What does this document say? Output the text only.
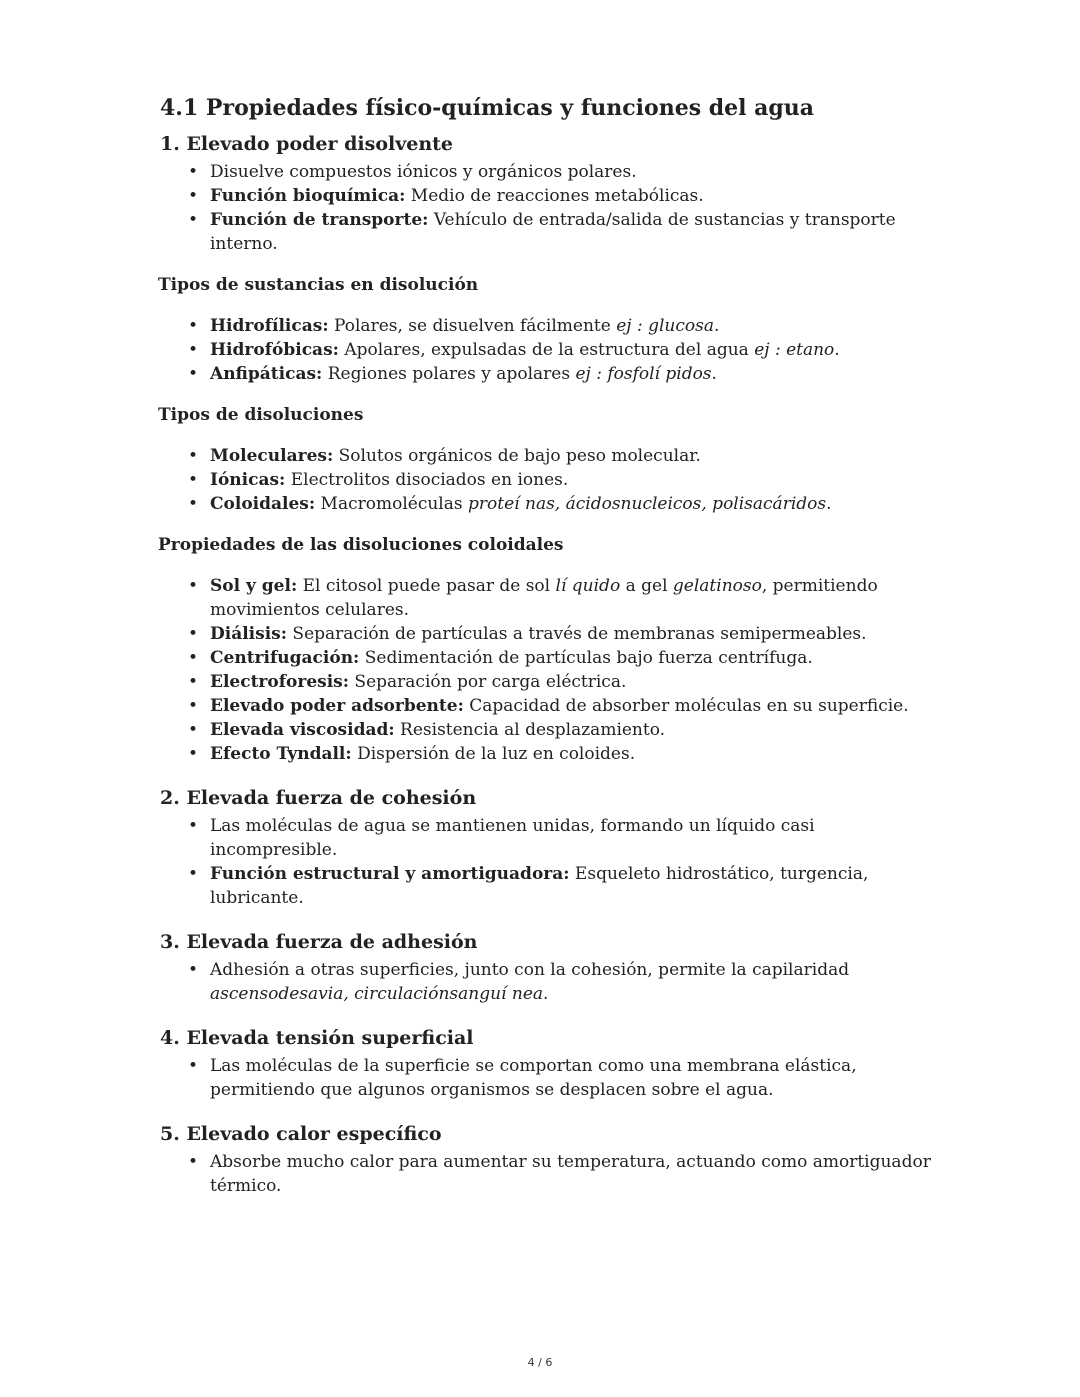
4.1 Propiedades físico-químicas y funciones del agua
1. Elevado poder disolvente
• Disuelve compuestos iónicos y orgánicos polares.
• Función bioquímica: Medio de reacciones metabólicas.
• Función de transporte: Vehículo de entrada/salida de sustancias y transporte interno.
Tipos de sustancias en disolución
• Hidrofílicas: Polares, se disuelven fácilmente ej : glucosa.
• Hidrofóbicas: Apolares, expulsadas de la estructura del agua ej : etano.
• Anfipáticas: Regiones polares y apolares ej : fosfolí pidos.
Tipos de disoluciones
• Moleculares: Solutos orgánicos de bajo peso molecular.
• Iónicas: Electrolitos disociados en iones.
• Coloidales: Macromoléculas proteí nas, ácidosnucleicos, polisacáridos.
Propiedades de las disoluciones coloidales
• Sol y gel: El citosol puede pasar de sol lí quido a gel gelatinoso, permitiendo movimientos celulares.
• Diálisis: Separación de partículas a través de membranas semipermeables.
• Centrifugación: Sedimentación de partículas bajo fuerza centrífuga.
• Electroforesis: Separación por carga eléctrica.
• Elevado poder adsorbente: Capacidad de absorber moléculas en su superficie.
• Elevada viscosidad: Resistencia al desplazamiento.
• Efecto Tyndall: Dispersión de la luz en coloides.
2. Elevada fuerza de cohesión
• Las moléculas de agua se mantienen unidas, formando un líquido casi incompresible.
• Función estructural y amortiguadora: Esqueleto hidrostático, turgencia, lubricante.
3. Elevada fuerza de adhesión
• Adhesión a otras superficies, junto con la cohesión, permite la capilaridad ascensodesavia, circulaciónsanguí nea.
4. Elevada tensión superficial
• Las moléculas de la superficie se comportan como una membrana elástica, permitiendo que algunos organismos se desplacen sobre el agua.
5. Elevado calor específico
• Absorbe mucho calor para aumentar su temperatura, actuando como amortiguador térmico.
4 / 6
